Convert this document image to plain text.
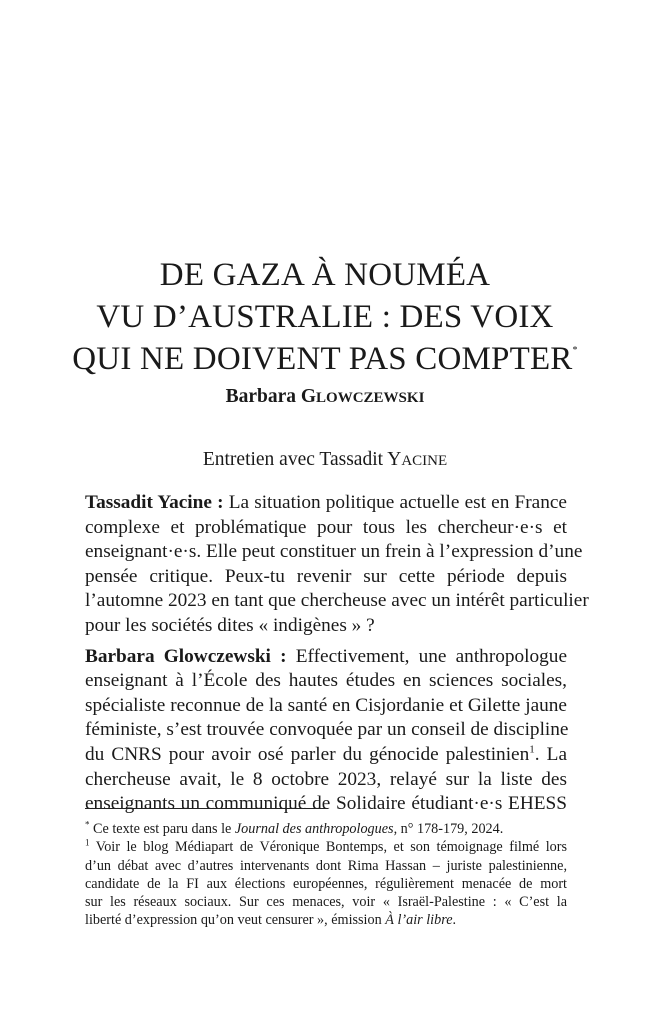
DE GAZA À NOUMÉA
VU D’AUSTRALIE : DES VOIX
QUI NE DOIVENT PAS COMPTER*
Barbara GLOWCZEWSKI
Entretien avec Tassadit YACINE
Tassadit Yacine : La situation politique actuelle est en France
complexe et problématique pour tous les chercheur·e·s et
enseignant·e·s. Elle peut constituer un frein à l’expression d’une
pensée critique. Peux-tu revenir sur cette période depuis
l’automne 2023 en tant que chercheuse avec un intérêt particulier
pour les sociétés dites « indigènes » ?
Barbara Glowczewski : Effectivement, une anthropologue
enseignant à l’École des hautes études en sciences sociales,
spécialiste reconnue de la santé en Cisjordanie et Gilette jaune
féministe, s’est trouvée convoquée par un conseil de discipline
du CNRS pour avoir osé parler du génocide palestinien$^1$. La
chercheuse avait, le 8 octobre 2023, relayé sur la liste des
enseignants un communiqué de Solidaire étudiant·e·s EHESS
* Ce texte est paru dans le Journal des anthropologues, n° 178-179, 2024.
$^1$ Voir le blog Médiapart de Véronique Bontemps, et son témoignage filmé lors
d’un débat avec d’autres intervenants dont Rima Hassan – juriste palestinienne,
candidate de la FI aux élections européennes, régulièrement menacée de mort
sur les réseaux sociaux. Sur ces menaces, voir « Israël-Palestine : « C’est la
liberté d’expression qu’on veut censurer », émission À l’air libre.
